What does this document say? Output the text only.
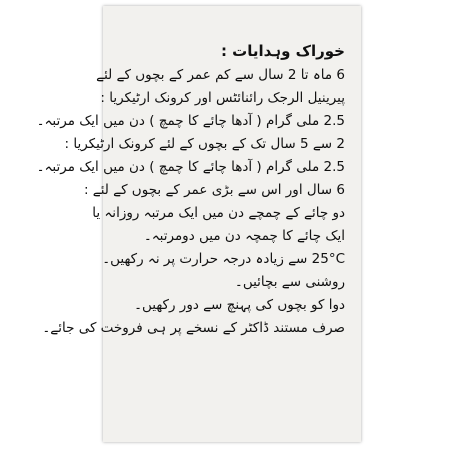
خوراک وہدایات :
6 ماہ تا 2 سال سے کم عمر کے بچوں کے لئے
پیرینیل الرجک رائنائٹس اور کرونک ارٹیکریا :
2.5 ملی گرام ( آدھا چائے کا چمچ ) دن میں ایک مرتبہ۔
2 سے 5 سال تک کے بچوں کے لئے کرونک ارٹیکریا :
2.5 ملی گرام ( آدھا چائے کا چمچ ) دن میں ایک مرتبہ۔
6 سال اور اس سے بڑی عمر کے بچوں کے لئے :
دو چائے کے چمچے دن میں ایک مرتبہ روزانہ یا
ایک چائے کا چمچہ دن میں دومرتبہ۔
25°C سے زیادہ درجہ حرارت پر نہ رکھیں۔
روشنی سے بچائیں۔
دوا کو بچوں کی پہنچ سے دور رکھیں۔
صرف مستند ڈاکٹر کے نسخے پر ہی فروخت کی جائے۔
